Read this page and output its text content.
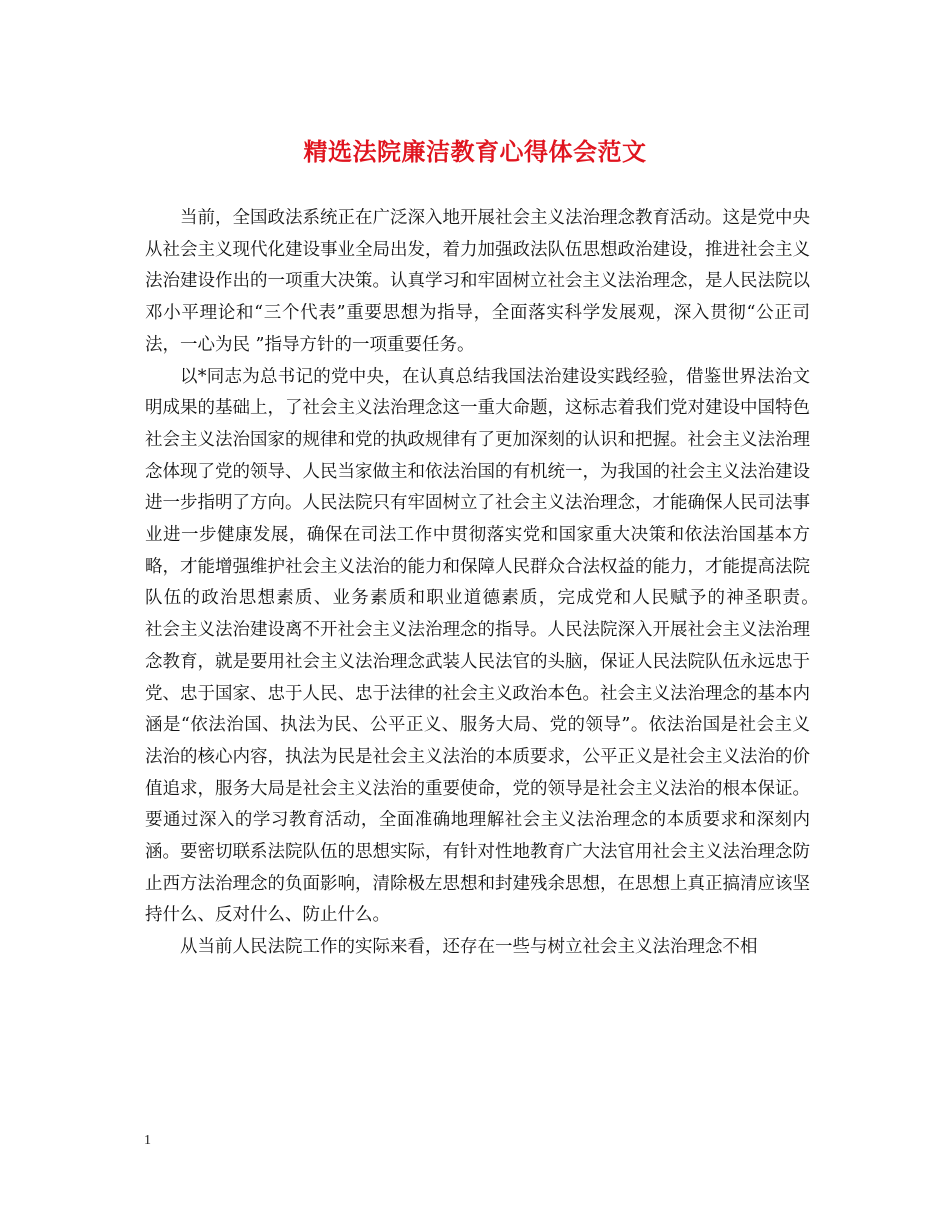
精选法院廉洁教育心得体会范文

当前，全国政法系统正在广泛深入地开展社会主义法治理念教育活动。这是党中央从社会主义现代化建设事业全局出发，着力加强政法队伍思想政治建设，推进社会主义法治建设作出的一项重大决策。认真学习和牢固树立社会主义法治理念，是人民法院以邓小平理论和“三个代表”重要思想为指导，全面落实科学发展观，深入贯彻“公正司法，一心为民 ”指导方针的一项重要任务。

以*同志为总书记的党中央，在认真总结我国法治建设实践经验，借鉴世界法治文明成果的基础上，了社会主义法治理念这一重大命题，这标志着我们党对建设中国特色社会主义法治国家的规律和党的执政规律有了更加深刻的认识和把握。社会主义法治理念体现了党的领导、人民当家做主和依法治国的有机统一，为我国的社会主义法治建设进一步指明了方向。人民法院只有牢固树立了社会主义法治理念，才能确保人民司法事业进一步健康发展，确保在司法工作中贯彻落实党和国家重大决策和依法治国基本方略，才能增强维护社会主义法治的能力和保障人民群众合法权益的能力，才能提高法院队伍的政治思想素质、业务素质和职业道德素质，完成党和人民赋予的神圣职责。　　社会主义法治建设离不开社会主义法治理念的指导。人民法院深入开展社会主义法治理念教育，就是要用社会主义法治理念武装人民法官的头脑，保证人民法院队伍永远忠于党、忠于国家、忠于人民、忠于法律的社会主义政治本色。社会主义法治理念的基本内涵是“依法治国、执法为民、公平正义、服务大局、党的领导”。依法治国是社会主义法治的核心内容，执法为民是社会主义法治的本质要求，公平正义是社会主义法治的价值追求，服务大局是社会主义法治的重要使命，党的领导是社会主义法治的根本保证。要通过深入的学习教育活动，全面准确地理解社会主义法治理念的本质要求和深刻内涵。要密切联系法院队伍的思想实际，有针对性地教育广大法官用社会主义法治理念防止西方法治理念的负面影响，清除极左思想和封建残余思想，在思想上真正搞清应该坚持什么、反对什么、防止什么。

从当前人民法院工作的实际来看，还存在一些与树立社会主义法治理念不相

1
